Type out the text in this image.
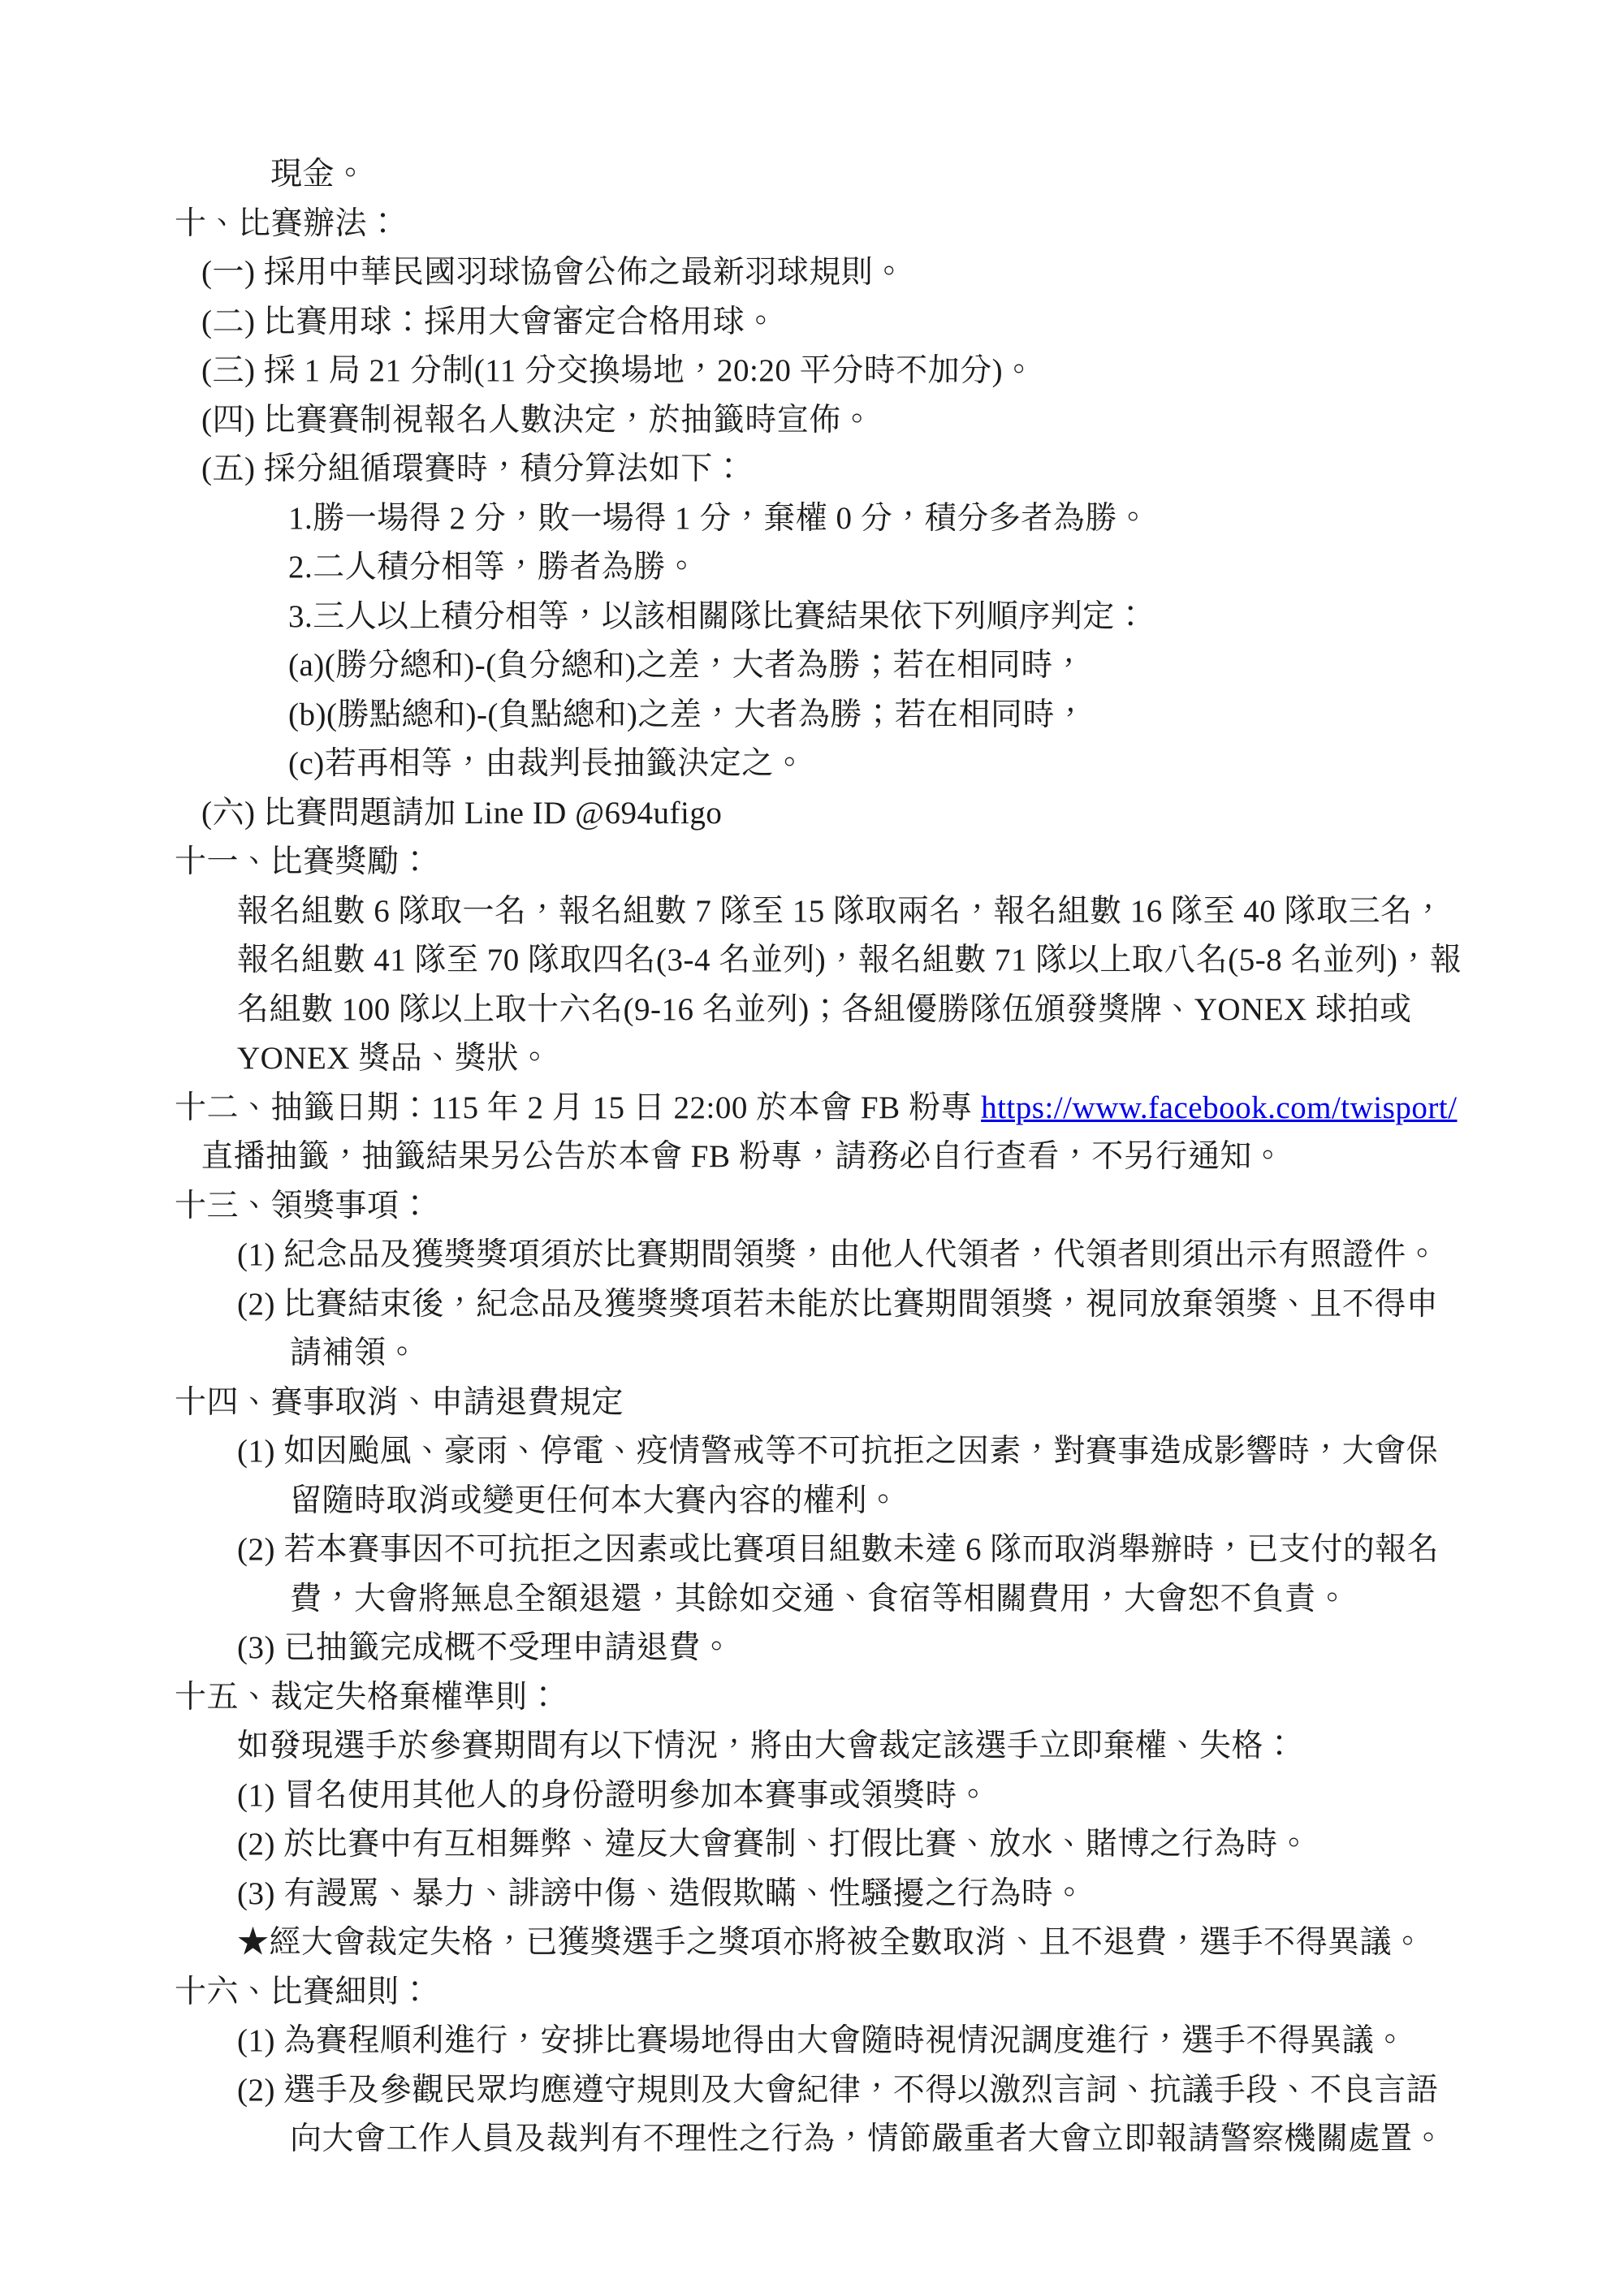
現金。
十、比賽辦法：
(一) 採用中華民國羽球協會公佈之最新羽球規則。
(二) 比賽用球：採用大會審定合格用球。
(三) 採 1 局 21 分制(11 分交換場地，20:20 平分時不加分)。
(四) 比賽賽制視報名人數決定，於抽籤時宣佈。
(五) 採分組循環賽時，積分算法如下：
1.勝一場得 2 分，敗一場得 1 分，棄權 0 分，積分多者為勝。
2.二人積分相等，勝者為勝。
3.三人以上積分相等，以該相關隊比賽結果依下列順序判定：
(a)(勝分總和)-(負分總和)之差，大者為勝；若在相同時，
(b)(勝點總和)-(負點總和)之差，大者為勝；若在相同時，
(c)若再相等，由裁判長抽籤決定之。
(六) 比賽問題請加 Line ID @694ufigo
十一、比賽獎勵：
報名組數 6 隊取一名，報名組數 7 隊至 15 隊取兩名，報名組數 16 隊至 40 隊取三名，
報名組數 41 隊至 70 隊取四名(3-4 名並列)，報名組數 71 隊以上取八名(5-8 名並列)，報
名組數 100 隊以上取十六名(9-16 名並列)；各組優勝隊伍頒發獎牌、YONEX 球拍或
YONEX 獎品、獎狀。
十二、抽籤日期：115 年 2 月 15 日 22:00 於本會 FB 粉專 https://www.facebook.com/twisport/
直播抽籤，抽籤結果另公告於本會 FB 粉專，請務必自行查看，不另行通知。
十三、領獎事項：
(1) 紀念品及獲獎獎項須於比賽期間領獎，由他人代領者，代領者則須出示有照證件。
(2) 比賽結束後，紀念品及獲獎獎項若未能於比賽期間領獎，視同放棄領獎、且不得申
請補領。
十四、賽事取消、申請退費規定
(1) 如因颱風、豪雨、停電、疫情警戒等不可抗拒之因素，對賽事造成影響時，大會保
留隨時取消或變更任何本大賽內容的權利。
(2) 若本賽事因不可抗拒之因素或比賽項目組數未達 6 隊而取消舉辦時，已支付的報名
費，大會將無息全額退還，其餘如交通、食宿等相關費用，大會恕不負責。
(3) 已抽籤完成概不受理申請退費。
十五、裁定失格棄權準則：
如發現選手於參賽期間有以下情況，將由大會裁定該選手立即棄權、失格：
(1) 冒名使用其他人的身份證明參加本賽事或領獎時。
(2) 於比賽中有互相舞弊、違反大會賽制、打假比賽、放水、賭博之行為時。
(3) 有謾罵、暴力、誹謗中傷、造假欺瞞、性騷擾之行為時。
★經大會裁定失格，已獲獎選手之獎項亦將被全數取消、且不退費，選手不得異議。
十六、比賽細則：
(1) 為賽程順利進行，安排比賽場地得由大會隨時視情況調度進行，選手不得異議。
(2) 選手及參觀民眾均應遵守規則及大會紀律，不得以激烈言詞、抗議手段、不良言語
向大會工作人員及裁判有不理性之行為，情節嚴重者大會立即報請警察機關處置。
